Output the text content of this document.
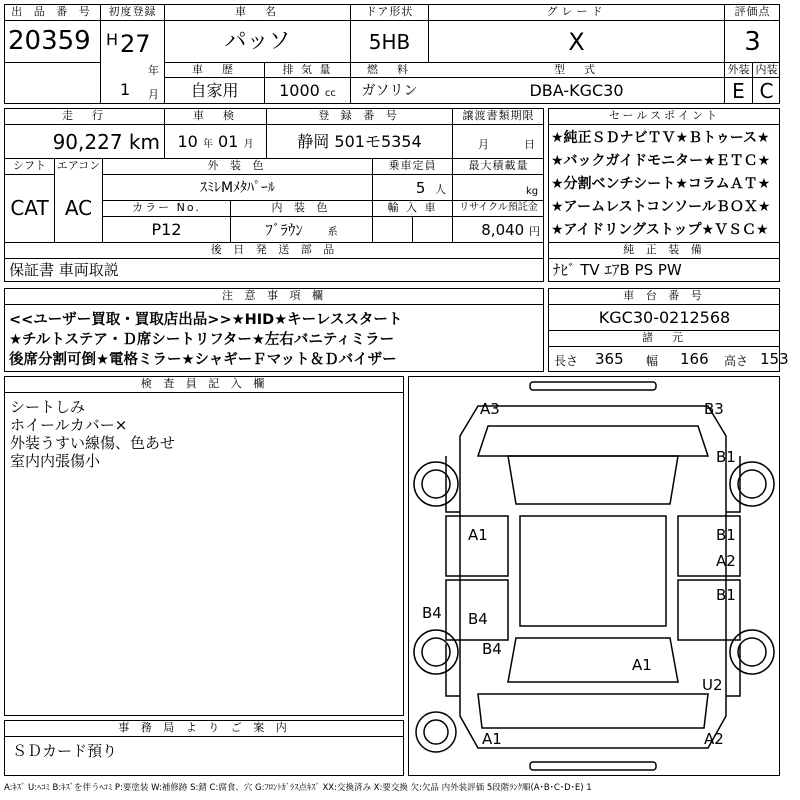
出 品 番 号
20359
初度登録
H 27
年
1	月
車　名
パッソ
ドア形状
5HB
グレード
X
評価点
3
車　歴
自家用
排 気 量
1000 cc
燃　料
ガソリン
型　式
DBA-KGC30
外装 内装
E C
走　行
90,227 km
車　検
10 年 01 月
登 録 番 号
静岡 501モ5354
譲渡書類期限
月	日
シフト
CAT
エアコン
AC
外 装 色
ｽﾐﾚMﾒﾀﾊﾟｰﾙ
乗車定員
5 人
最大積載量
kg
カラー No.
P12
内 装 色
ﾌﾞﾗｳﾝ 系
輸 入 車	リサイクル預託金
8,040 円
後 日 発 送 部 品
保証書 車両取説
セールスポイント
★純正ＳＤナビＴＶ★Ｂトゥース★
★バックガイドモニター★ＥＴＣ★
★分割ベンチシート★コラムＡＴ★
★アームレストコンソールＢＯＸ★
★アイドリングストップ★ＶＳＣ★
純 正 装 備
ﾅﾋﾞ TV ｴｱB PS PW
注 意 事 項 欄
<<ユーザー買取・買取店出品>>★HID★キーレススタート
★チルトステア・Ｄ席シートリフター★左右バニティミラー
後席分割可倒★電格ミラー★シャギーＦマット＆Ｄバイザー
車 台 番 号
KGC30-0212568
諸　元
長さ 365 幅 166 高さ 153
検 査 員 記 入 欄
シートしみ
ホイールカバー×
外装うすい線傷、色あせ
室内内張傷小
事 務 局 よ り ご 案 内
ＳＤカード預り
A3	B3
B1
A1	B1
A2
B1
B4 B4
B4
A1
U2
A1	A2
A:ｷｽﾞ U:ﾍｺﾐ B:ｷｽﾞを伴うﾍｺﾐ P:要塗装 W:補修跡 S:錆 C:腐食、穴 G:ﾌﾛﾝﾄｶﾞﾗｽ点ｷｽﾞ XX:交換済み X:要交換 欠:欠品 内外装評価 5段階ﾗﾝｸ順(A･B･C･D･E) 1
